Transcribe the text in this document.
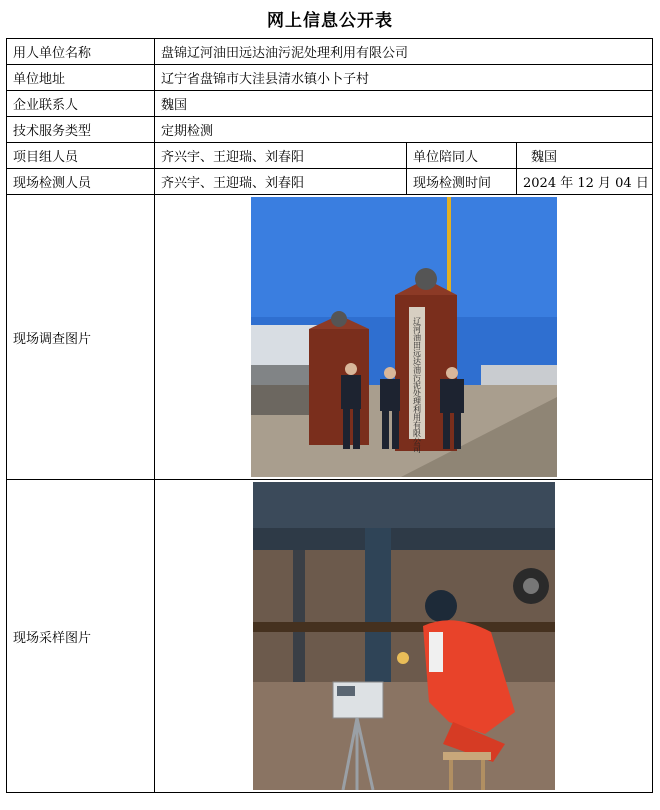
网上信息公开表
用人单位名称	盘锦辽河油田远达油污泥处理利用有限公司		
单位地址	辽宁省盘锦市大洼县清水镇小卜子村		
企业联系人	魏国		
技术服务类型	定期检测		
项目组人员	齐兴宇、王迎瑞、刘春阳	单位陪同人	魏国
现场检测人员	齐兴宇、王迎瑞、刘春阳	现场检测时间	2024 年 12 月 04 日
现场调查图片	辽河油田远达油污泥处理利用有限公司		

现场采样图片	
